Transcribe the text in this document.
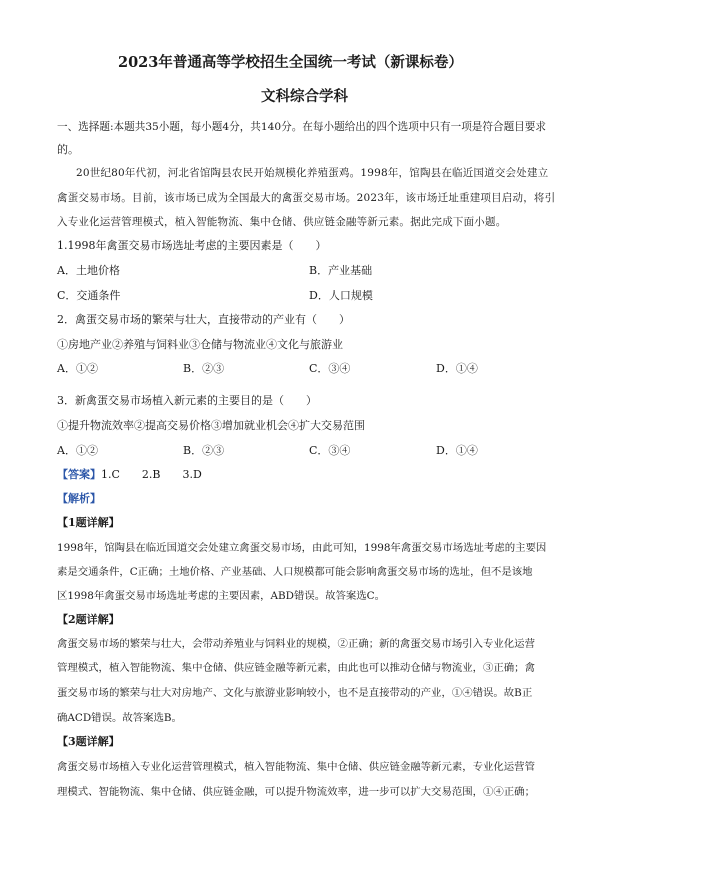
2023年普通高等学校招生全国统一考试（新课标卷）
文科综合学科
一、选择题:本题共35小题，每小题4分，共140分。在每小题给出的四个选项中只有一项是符合题目要求
的。
20世纪80年代初，河北省馆陶县农民开始规模化养殖蛋鸡。1998年，馆陶县在临近国道交会处建立
禽蛋交易市场。目前，该市场已成为全国最大的禽蛋交易市场。2023年，该市场迁址重建项目启动，将引
入专业化运营管理模式，植入智能物流、集中仓储、供应链金融等新元素。据此完成下面小题。
1.1998年禽蛋交易市场选址考虑的主要因素是（　　）
A．土地价格	B．产业基础
C．交通条件	D．人口规模
2．禽蛋交易市场的繁荣与壮大，直接带动的产业有（　　）
①房地产业②养殖与饲料业③仓储与物流业④文化与旅游业
A．①②	B．②③	C．③④	D．①④
3．新禽蛋交易市场植入新元素的主要目的是（　　）
①提升物流效率②提高交易价格③增加就业机会④扩大交易范围
A．①②	B．②③	C．③④	D．①④
【答案】1.C　　2.B　　3.D
【解析】
【1题详解】
1998年，馆陶县在临近国道交会处建立禽蛋交易市场，由此可知，1998年禽蛋交易市场选址考虑的主要因
素是交通条件，C正确；土地价格、产业基础、人口规模都可能会影响禽蛋交易市场的选址，但不是该地
区1998年禽蛋交易市场选址考虑的主要因素，ABD错误。故答案选C。
【2题详解】
禽蛋交易市场的繁荣与壮大，会带动养殖业与饲料业的规模，②正确；新的禽蛋交易市场引入专业化运营
管理模式，植入智能物流、集中仓储、供应链金融等新元素，由此也可以推动仓储与物流业，③正确；禽
蛋交易市场的繁荣与壮大对房地产、文化与旅游业影响较小，也不是直接带动的产业，①④错误。故B正
确ACD错误。故答案选B。
【3题详解】
禽蛋交易市场植入专业化运营管理模式，植入智能物流、集中仓储、供应链金融等新元素，专业化运营管
理模式、智能物流、集中仓储、供应链金融，可以提升物流效率，进一步可以扩大交易范围，①④正确；
